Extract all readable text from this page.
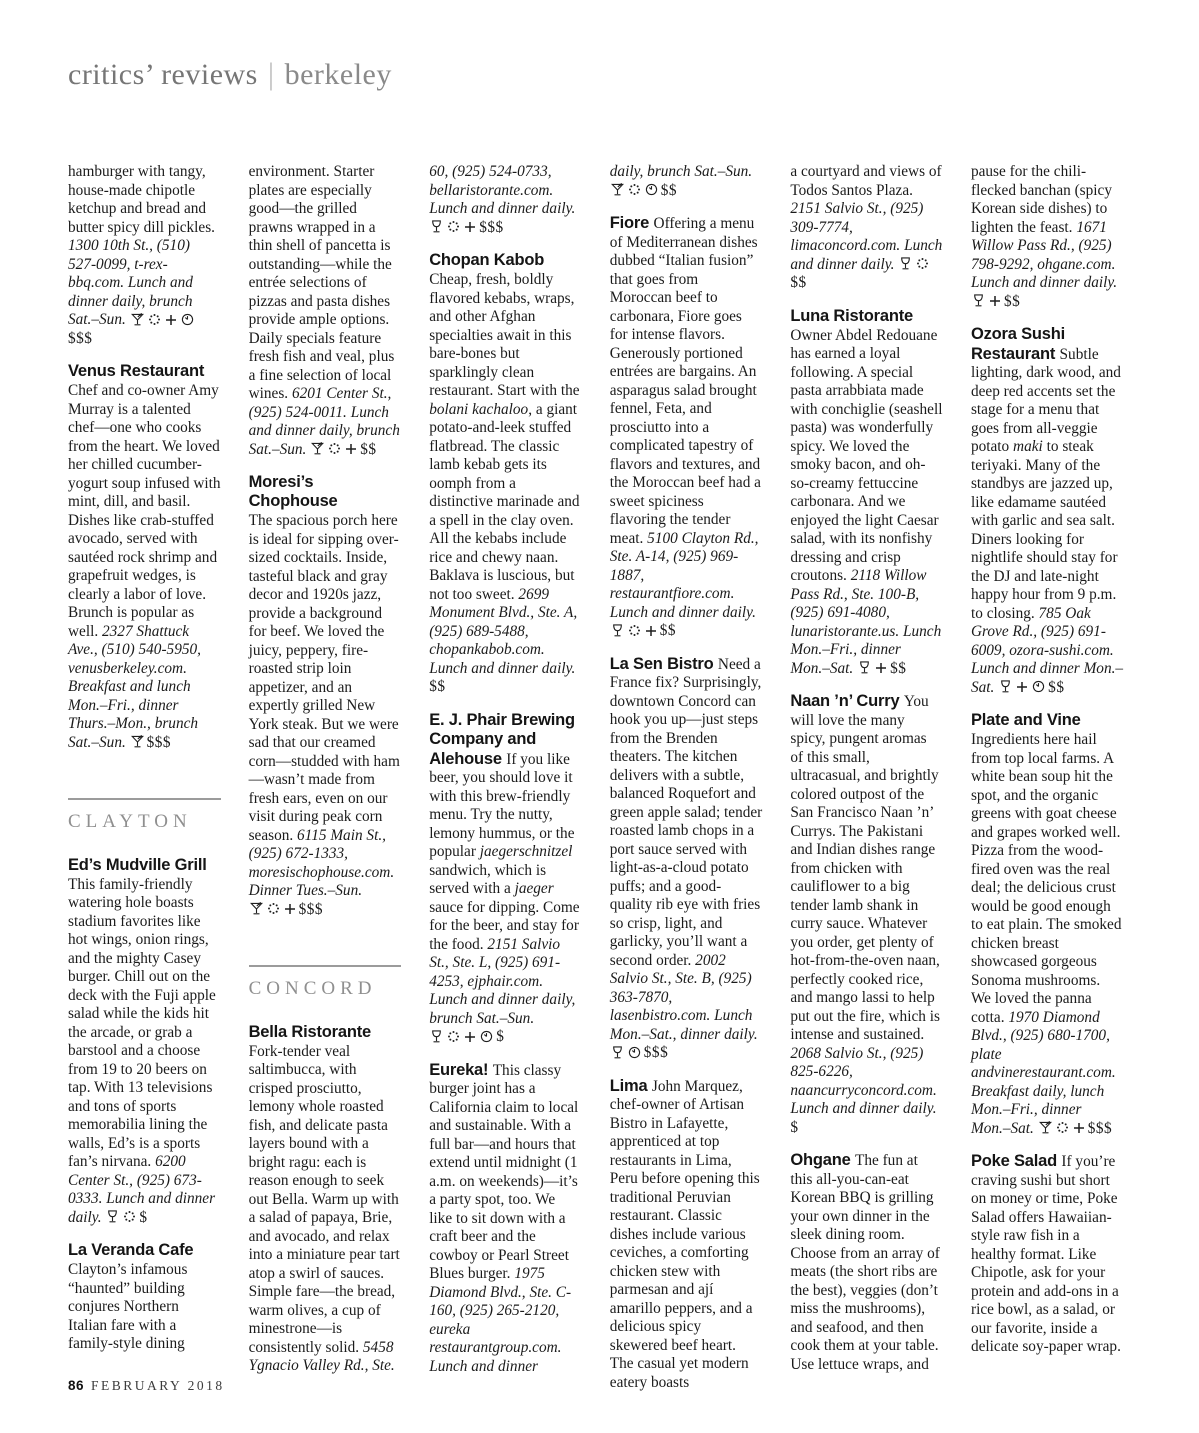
critics’ reviews | berkeley
hamburger with tangy, house-made chipotle ketchup and bread and butter spicy dill pickles. 1300 10th St., (510) 527-0099, t-rex-bbq.com. Lunch and dinner daily, brunch Sat.–Sun. $$$
Venus Restaurant
Chef and co-owner Amy Murray is a talented chef—one who cooks from the heart. We loved her chilled cucumber-yogurt soup infused with mint, dill, and basil. Dishes like crab-stuffed avocado, served with sautéed rock shrimp and grapefruit wedges, is clearly a labor of love. Brunch is popular as well. 2327 Shattuck Ave., (510) 540-5950, venusberkeley.com. Breakfast and lunch Mon.–Fri., dinner Thurs.–Mon., brunch Sat.–Sun. $$$
CLAYTON
Ed’s Mudville Grill
This family-friendly watering hole boasts stadium favorites like hot wings, onion rings, and the mighty Casey burger. Chill out on the deck with the Fuji apple salad while the kids hit the arcade, or grab a barstool and a choose from 19 to 20 beers on tap. With 13 televisions and tons of sports memorabilia lining the walls, Ed’s is a sports fan’s nirvana. 6200 Center St., (925) 673-0333. Lunch and dinner daily. $
La Veranda Cafe
Clayton’s infamous “haunted” building conjures Northern Italian fare with a family-style dining
environment. Starter plates are especially good—the grilled prawns wrapped in a thin shell of pancetta is outstanding—while the entrée selections of pizzas and pasta dishes provide ample options. Daily specials feature fresh fish and veal, plus a fine selection of local wines. 6201 Center St., (925) 524-0011. Lunch and dinner daily, brunch Sat.–Sun.	$$
Moresi’s Chophouse
The spacious porch here is ideal for sipping over-sized cocktails. Inside, tasteful black and gray decor and 1920s jazz, provide a background for beef. We loved the juicy, peppery, fire-roasted strip loin appetizer, and an expertly grilled New York steak. But we were sad that our creamed corn—studded with ham—wasn’t made from fresh ears, even on our visit during peak corn season. 6115 Main St., (925) 672-1333, moresischophouse.com. Dinner Tues.–Sun. $$$
CONCORD
Bella Ristorante
Fork-tender veal saltimbucca, with crisped prosciutto, lemony whole roasted fish, and delicate pasta layers bound with a bright ragu: each is reason enough to seek out Bella. Warm up with a salad of papaya, Brie, and avocado, and relax into a miniature pear tart atop a swirl of sauces. Simple fare—the bread, warm olives, a cup of minestrone—is consistently solid. 5458 Ygnacio Valley Rd., Ste.
60, (925) 524-0733, bellaristorante.com. Lunch and dinner daily. $$$
Chopan Kabob
Cheap, fresh, boldly flavored kebabs, wraps, and other Afghan specialties await in this bare-bones but sparklingly clean restaurant. Start with the bolani kachaloo, a giant potato-and-leek stuffed flatbread. The classic lamb kebab gets its oomph from a distinctive marinade and a spell in the clay oven. All the kebabs include rice and chewy naan. Baklava is luscious, but not too sweet. 2699 Monument Blvd., Ste. A, (925) 689-5488, chopankabob.com. Lunch and dinner daily. $$
E. J. Phair Brewing Company and Alehouse If you like beer, you should love it with this brew-friendly menu. Try the nutty, lemony hummus, or the popular jaegerschnitzel sandwich, which is served with a jaeger sauce for dipping. Come for the beer, and stay for the food. 2151 Salvio St., Ste. L, (925) 691-4253, ejphair.com. Lunch and dinner daily, brunch Sat.–Sun. $
Eureka! This classy burger joint has a California claim to local and sustainable. With a full bar—and hours that extend until midnight (1 a.m. on weekends)—it’s a party spot, too. We like to sit down with a craft beer and the cowboy or Pearl Street Blues burger. 1975 Diamond Blvd., Ste. C-160, (925) 265-2120, eureka restaurantgroup.com. Lunch and dinner
daily, brunch Sat.–Sun. $$
Fiore Offering a menu of Mediterranean dishes dubbed “Italian fusion” that goes from Moroccan beef to carbonara, Fiore goes for intense flavors. Generously portioned entrées are bargains. An asparagus salad brought fennel, Feta, and prosciutto into a complicated tapestry of flavors and textures, and the Moroccan beef had a sweet spiciness flavoring the tender meat. 5100 Clayton Rd., Ste. A-14, (925) 969-1887, restaurantfiore.com. Lunch and dinner daily. $$
La Sen Bistro Need a France fix? Surprisingly, downtown Concord can hook you up—just steps from the Brenden theaters. The kitchen delivers with a subtle, balanced Roquefort and green apple salad; tender roasted lamb chops in a port sauce served with light-as-a-cloud potato puffs; and a good-quality rib eye with fries so crisp, light, and garlicky, you’ll want a second order. 2002 Salvio St., Ste. B, (925) 363-7870, lasenbistro.com. Lunch Mon.–Sat., dinner daily. $$$
Lima John Marquez, chef-owner of Artisan Bistro in Lafayette, apprenticed at top restaurants in Lima, Peru before opening this traditional Peruvian restaurant. Classic dishes include various ceviches, a comforting chicken stew with parmesan and ají amarillo peppers, and a delicious spicy skewered beef heart. The casual yet modern eatery boasts
a courtyard and views of Todos Santos Plaza. 2151 Salvio St., (925) 309-7774, limaconcord.com. Lunch and dinner daily. $$
Luna Ristorante
Owner Abdel Redouane has earned a loyal following. A special pasta arrabbiata made with conchiglie (seashell pasta) was wonderfully spicy. We loved the smoky bacon, and oh-so-creamy fettuccine carbonara. And we enjoyed the light Caesar salad, with its nonfishy dressing and crisp croutons. 2118 Willow Pass Rd., Ste. 100-B, (925) 691-4080, lunaristorante.us. Lunch Mon.–Fri., dinner Mon.–Sat. $$
Naan ’n’ Curry You will love the many spicy, pungent aromas of this small, ultracasual, and brightly colored outpost of the San Francisco Naan ’n’ Currys. The Pakistani and Indian dishes range from chicken with cauliflower to a big tender lamb shank in curry sauce. Whatever you order, get plenty of hot-from-the-oven naan, perfectly cooked rice, and mango lassi to help put out the fire, which is intense and sustained. 2068 Salvio St., (925) 825-6226, naancurryconcord.com. Lunch and dinner daily. $
Ohgane The fun at this all-you-can-eat Korean BBQ is grilling your own dinner in the sleek dining room. Choose from an array of meats (the short ribs are the best), veggies (don’t miss the mushrooms), and seafood, and then cook them at your table. Use lettuce wraps, and
pause for the chili-flecked banchan (spicy Korean side dishes) to lighten the feast. 1671 Willow Pass Rd., (925) 798-9292, ohgane.com. Lunch and dinner daily. $$
Ozora Sushi Restaurant Subtle lighting, dark wood, and deep red accents set the stage for a menu that goes from all-veggie potato maki to steak teriyaki. Many of the standbys are jazzed up, like edamame sautéed with garlic and sea salt. Diners looking for nightlife should stay for the DJ and late-night happy hour from 9 p.m. to closing. 785 Oak Grove Rd., (925) 691-6009, ozora-sushi.com. Lunch and dinner Mon.–Sat.	$$
Plate and Vine
Ingredients here hail from top local farms. A white bean soup hit the spot, and the organic greens with goat cheese and grapes worked well. Pizza from the wood-fired oven was the real deal; the delicious crust would be good enough to eat plain. The smoked chicken breast showcased gorgeous Sonoma mushrooms. We loved the panna cotta. 1970 Diamond Blvd., (925) 680-1700, plate andvinerestaurant.com. Breakfast daily, lunch Mon.–Fri., dinner Mon.–Sat.	$$$
Poke Salad If you’re craving sushi but short on money or time, Poke Salad offers Hawaiian-style raw fish in a healthy format. Like Chipotle, ask for your protein and add-ons in a rice bowl, as a salad, or our favorite, inside a delicate soy-paper wrap.
86 FEBRUARY 2018
